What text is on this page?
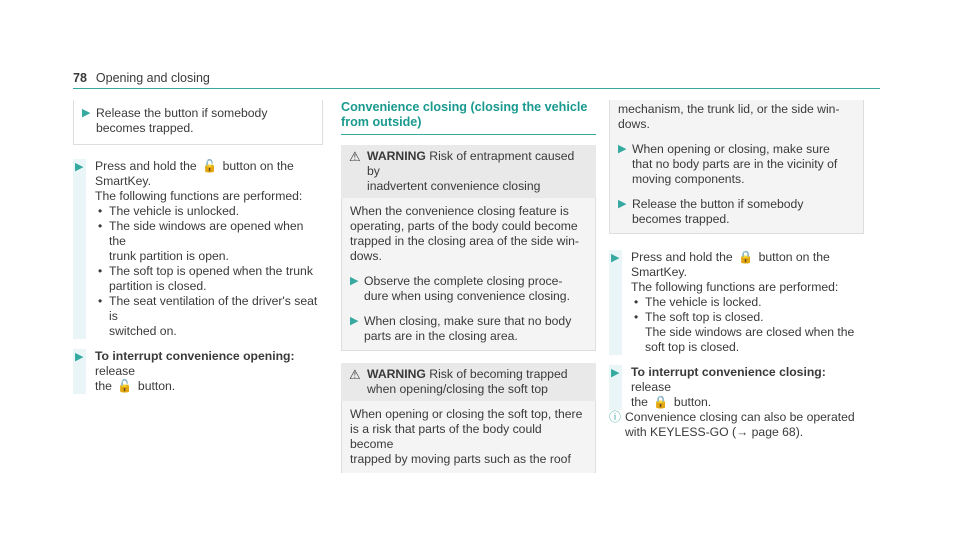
78 Opening and closing
▶ Release the button if somebody
becomes trapped.
▶ Press and hold the 🔓 button on the
SmartKey.
The following functions are performed:
• The vehicle is unlocked.
• The side windows are opened when the
trunk partition is open.
• The soft top is opened when the trunk
partition is closed.
• The seat ventilation of the driver's seat is
switched on.
▶ To interrupt convenience opening: release
the 🔓 button.
Convenience closing (closing the vehicle
from outside)
⚠ WARNING Risk of entrapment caused by
inadvertent convenience closing
When the convenience closing feature is
operating, parts of the body could become
trapped in the closing area of the side win-
dows.
▶ Observe the complete closing proce-
dure when using convenience closing.
▶ When closing, make sure that no body
parts are in the closing area.
⚠ WARNING Risk of becoming trapped
when opening/closing the soft top
When opening or closing the soft top, there
is a risk that parts of the body could become
trapped by moving parts such as the roof
mechanism, the trunk lid, or the side win-
dows.
▶ When opening or closing, make sure
that no body parts are in the vicinity of
moving components.
▶ Release the button if somebody
becomes trapped.
▶ Press and hold the 🔒 button on the
SmartKey.
The following functions are performed:
• The vehicle is locked.
• The soft top is closed.
The side windows are closed when the
soft top is closed.
▶ To interrupt convenience closing: release
the 🔒 button.
ⓘ Convenience closing can also be operated
with KEYLESS-GO (→ page 68).
